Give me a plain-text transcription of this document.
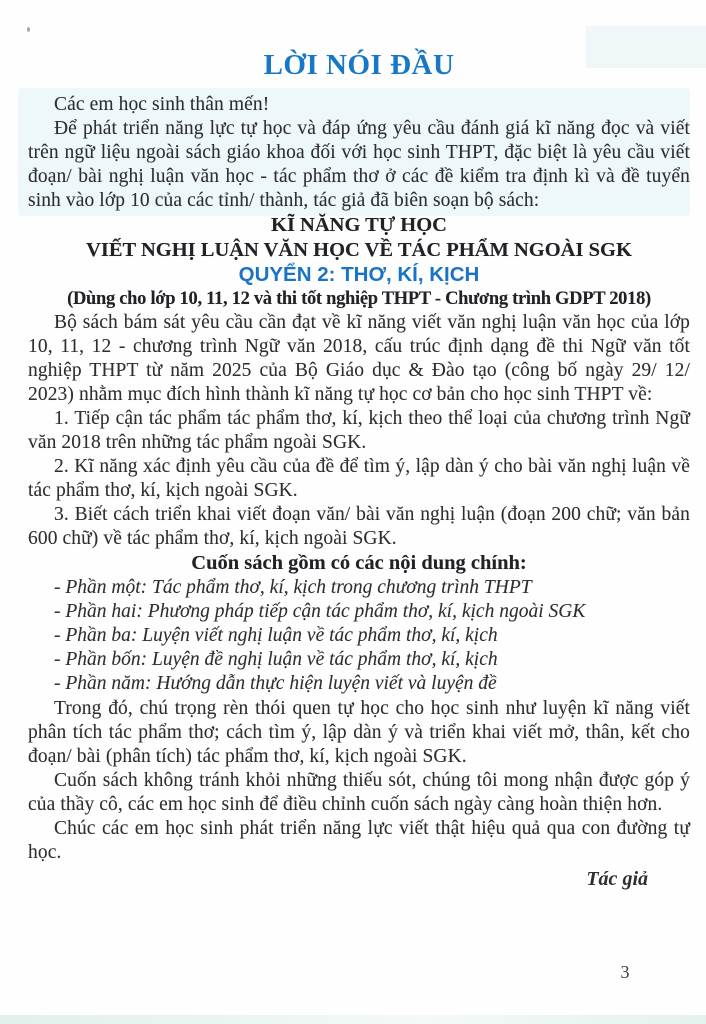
LỜI NÓI ĐẦU

Các em học sinh thân mến!

Để phát triển năng lực tự học và đáp ứng yêu cầu đánh giá kĩ năng đọc và viết trên ngữ liệu ngoài sách giáo khoa đối với học sinh THPT, đặc biệt là yêu cầu viết đoạn/ bài nghị luận văn học - tác phẩm thơ ở các đề kiểm tra định kì và đề tuyển sinh vào lớp 10 của các tỉnh/ thành, tác giả đã biên soạn bộ sách:

KĨ NĂNG TỰ HỌC

VIẾT NGHỊ LUẬN VĂN HỌC VỀ TÁC PHẨM NGOÀI SGK

QUYỂN 2: THƠ, KÍ, KỊCH

(Dùng cho lớp 10, 11, 12 và thi tốt nghiệp THPT - Chương trình GDPT 2018)

Bộ sách bám sát yêu cầu cần đạt về kĩ năng viết văn nghị luận văn học của lớp 10, 11, 12 - chương trình Ngữ văn 2018, cấu trúc định dạng đề thi Ngữ văn tốt nghiệp THPT từ năm 2025 của Bộ Giáo dục & Đào tạo (công bố ngày 29/ 12/ 2023) nhằm mục đích hình thành kĩ năng tự học cơ bản cho học sinh THPT về:

1. Tiếp cận tác phẩm tác phẩm thơ, kí, kịch theo thể loại của chương trình Ngữ văn 2018 trên những tác phẩm ngoài SGK.

2. Kĩ năng xác định yêu cầu của đề để tìm ý, lập dàn ý cho bài văn nghị luận về tác phẩm thơ, kí, kịch ngoài SGK.

3. Biết cách triển khai viết đoạn văn/ bài văn nghị luận (đoạn 200 chữ; văn bản 600 chữ) về tác phẩm thơ, kí, kịch ngoài SGK.

Cuốn sách gồm có các nội dung chính:

- Phần một: Tác phẩm thơ, kí, kịch trong chương trình THPT
- Phần hai: Phương pháp tiếp cận tác phẩm thơ, kí, kịch ngoài SGK
- Phần ba: Luyện viết nghị luận về tác phẩm thơ, kí, kịch
- Phần bốn: Luyện đề nghị luận về tác phẩm thơ, kí, kịch
- Phần năm: Hướng dẫn thực hiện luyện viết và luyện đề

Trong đó, chú trọng rèn thói quen tự học cho học sinh như luyện kĩ năng viết phân tích tác phẩm thơ; cách tìm ý, lập dàn ý và triển khai viết mở, thân, kết cho đoạn/ bài (phân tích) tác phẩm thơ, kí, kịch ngoài SGK.

Cuốn sách không tránh khỏi những thiếu sót, chúng tôi mong nhận được góp ý của thầy cô, các em học sinh để điều chỉnh cuốn sách ngày càng hoàn thiện hơn.

Chúc các em học sinh phát triển năng lực viết thật hiệu quả qua con đường tự học.

Tác giả

3
